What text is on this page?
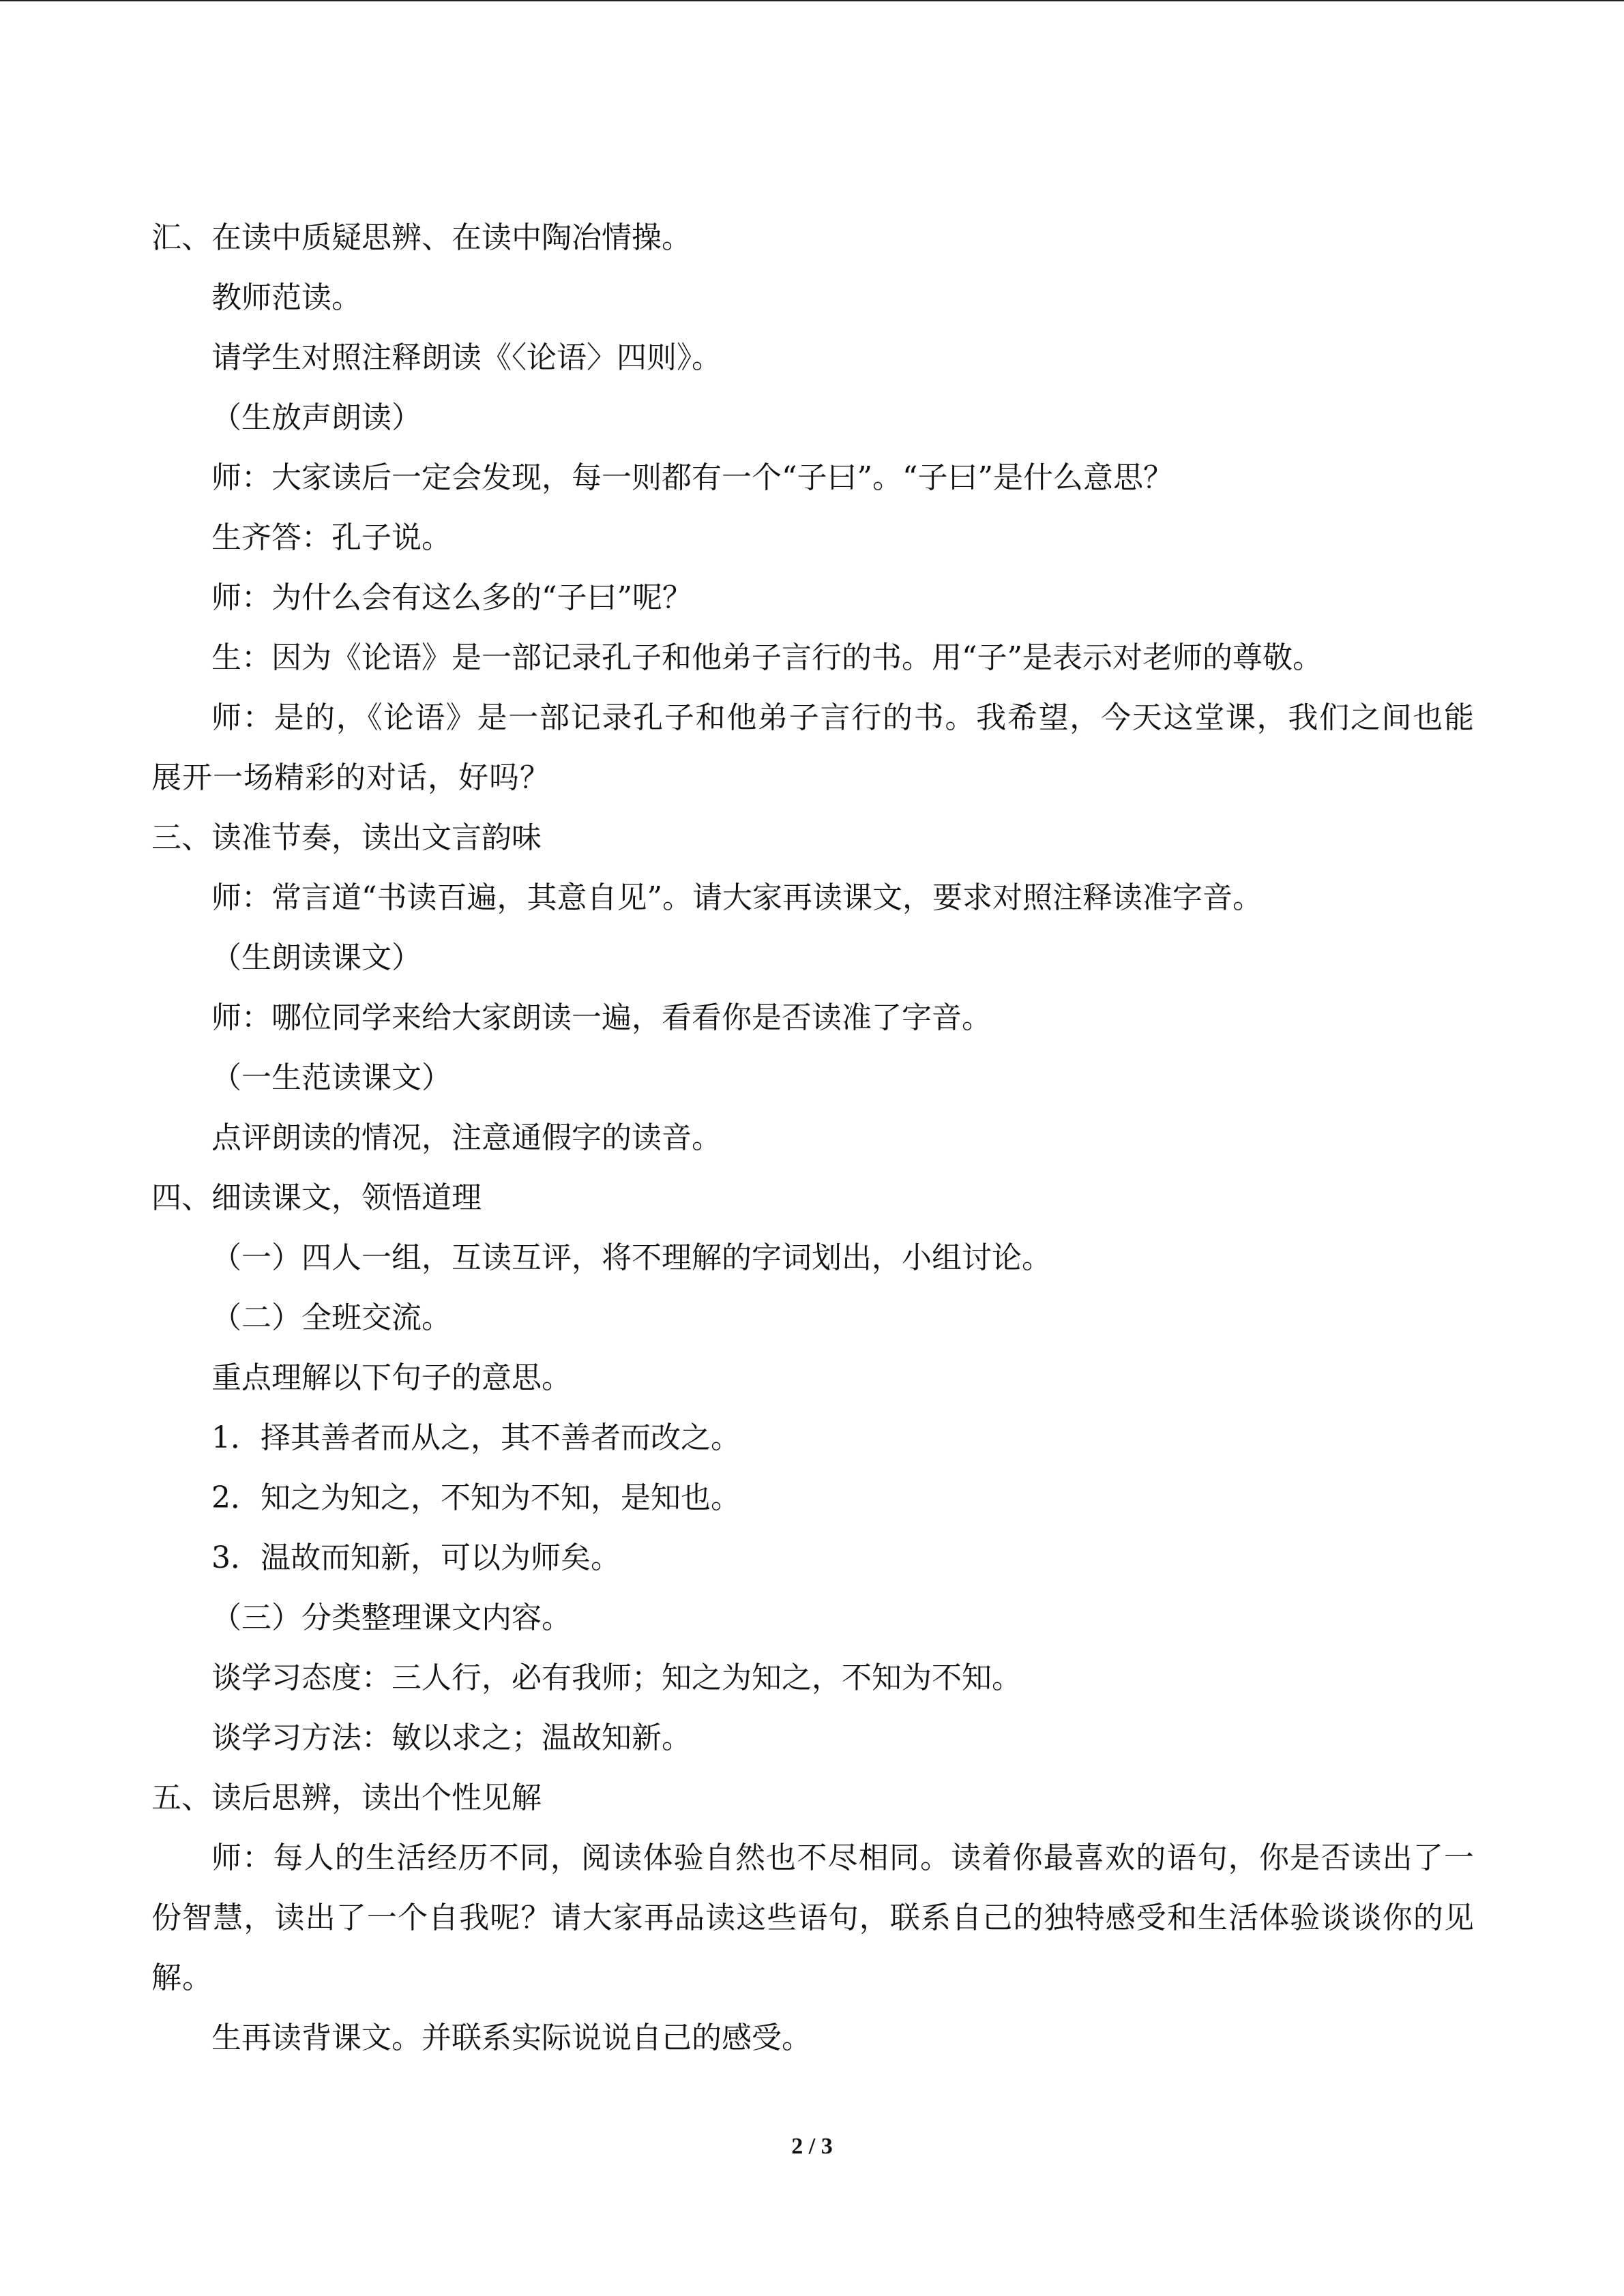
汇、在读中质疑思辨、在读中陶冶情操。
教师范读。
请学生对照注释朗读《〈论语〉四则》。
（生放声朗读）
师：大家读后一定会发现，每一则都有一个“子曰”。“子曰”是什么意思？
生齐答：孔子说。
师：为什么会有这么多的“子曰”呢？
生：因为《论语》是一部记录孔子和他弟子言行的书。用“子”是表示对老师的尊敬。
师：是的，《论语》是一部记录孔子和他弟子言行的书。我希望，今天这堂课，我们之间也能展开一场精彩的对话，好吗？
三、读准节奏，读出文言韵味
师：常言道“书读百遍，其意自见”。请大家再读课文，要求对照注释读准字音。
（生朗读课文）
师：哪位同学来给大家朗读一遍，看看你是否读准了字音。
（一生范读课文）
点评朗读的情况，注意通假字的读音。
四、细读课文，领悟道理
（一）四人一组，互读互评，将不理解的字词划出，小组讨论。
（二）全班交流。
重点理解以下句子的意思。
1．择其善者而从之，其不善者而改之。
2．知之为知之，不知为不知，是知也。
3．温故而知新，可以为师矣。
（三）分类整理课文内容。
谈学习态度：三人行，必有我师；知之为知之，不知为不知。
谈学习方法：敏以求之；温故知新。
五、读后思辨，读出个性见解
师：每人的生活经历不同，阅读体验自然也不尽相同。读着你最喜欢的语句，你是否读出了一份智慧，读出了一个自我呢？请大家再品读这些语句，联系自己的独特感受和生活体验谈谈你的见解。
生再读背课文。并联系实际说说自己的感受。
2 / 3
